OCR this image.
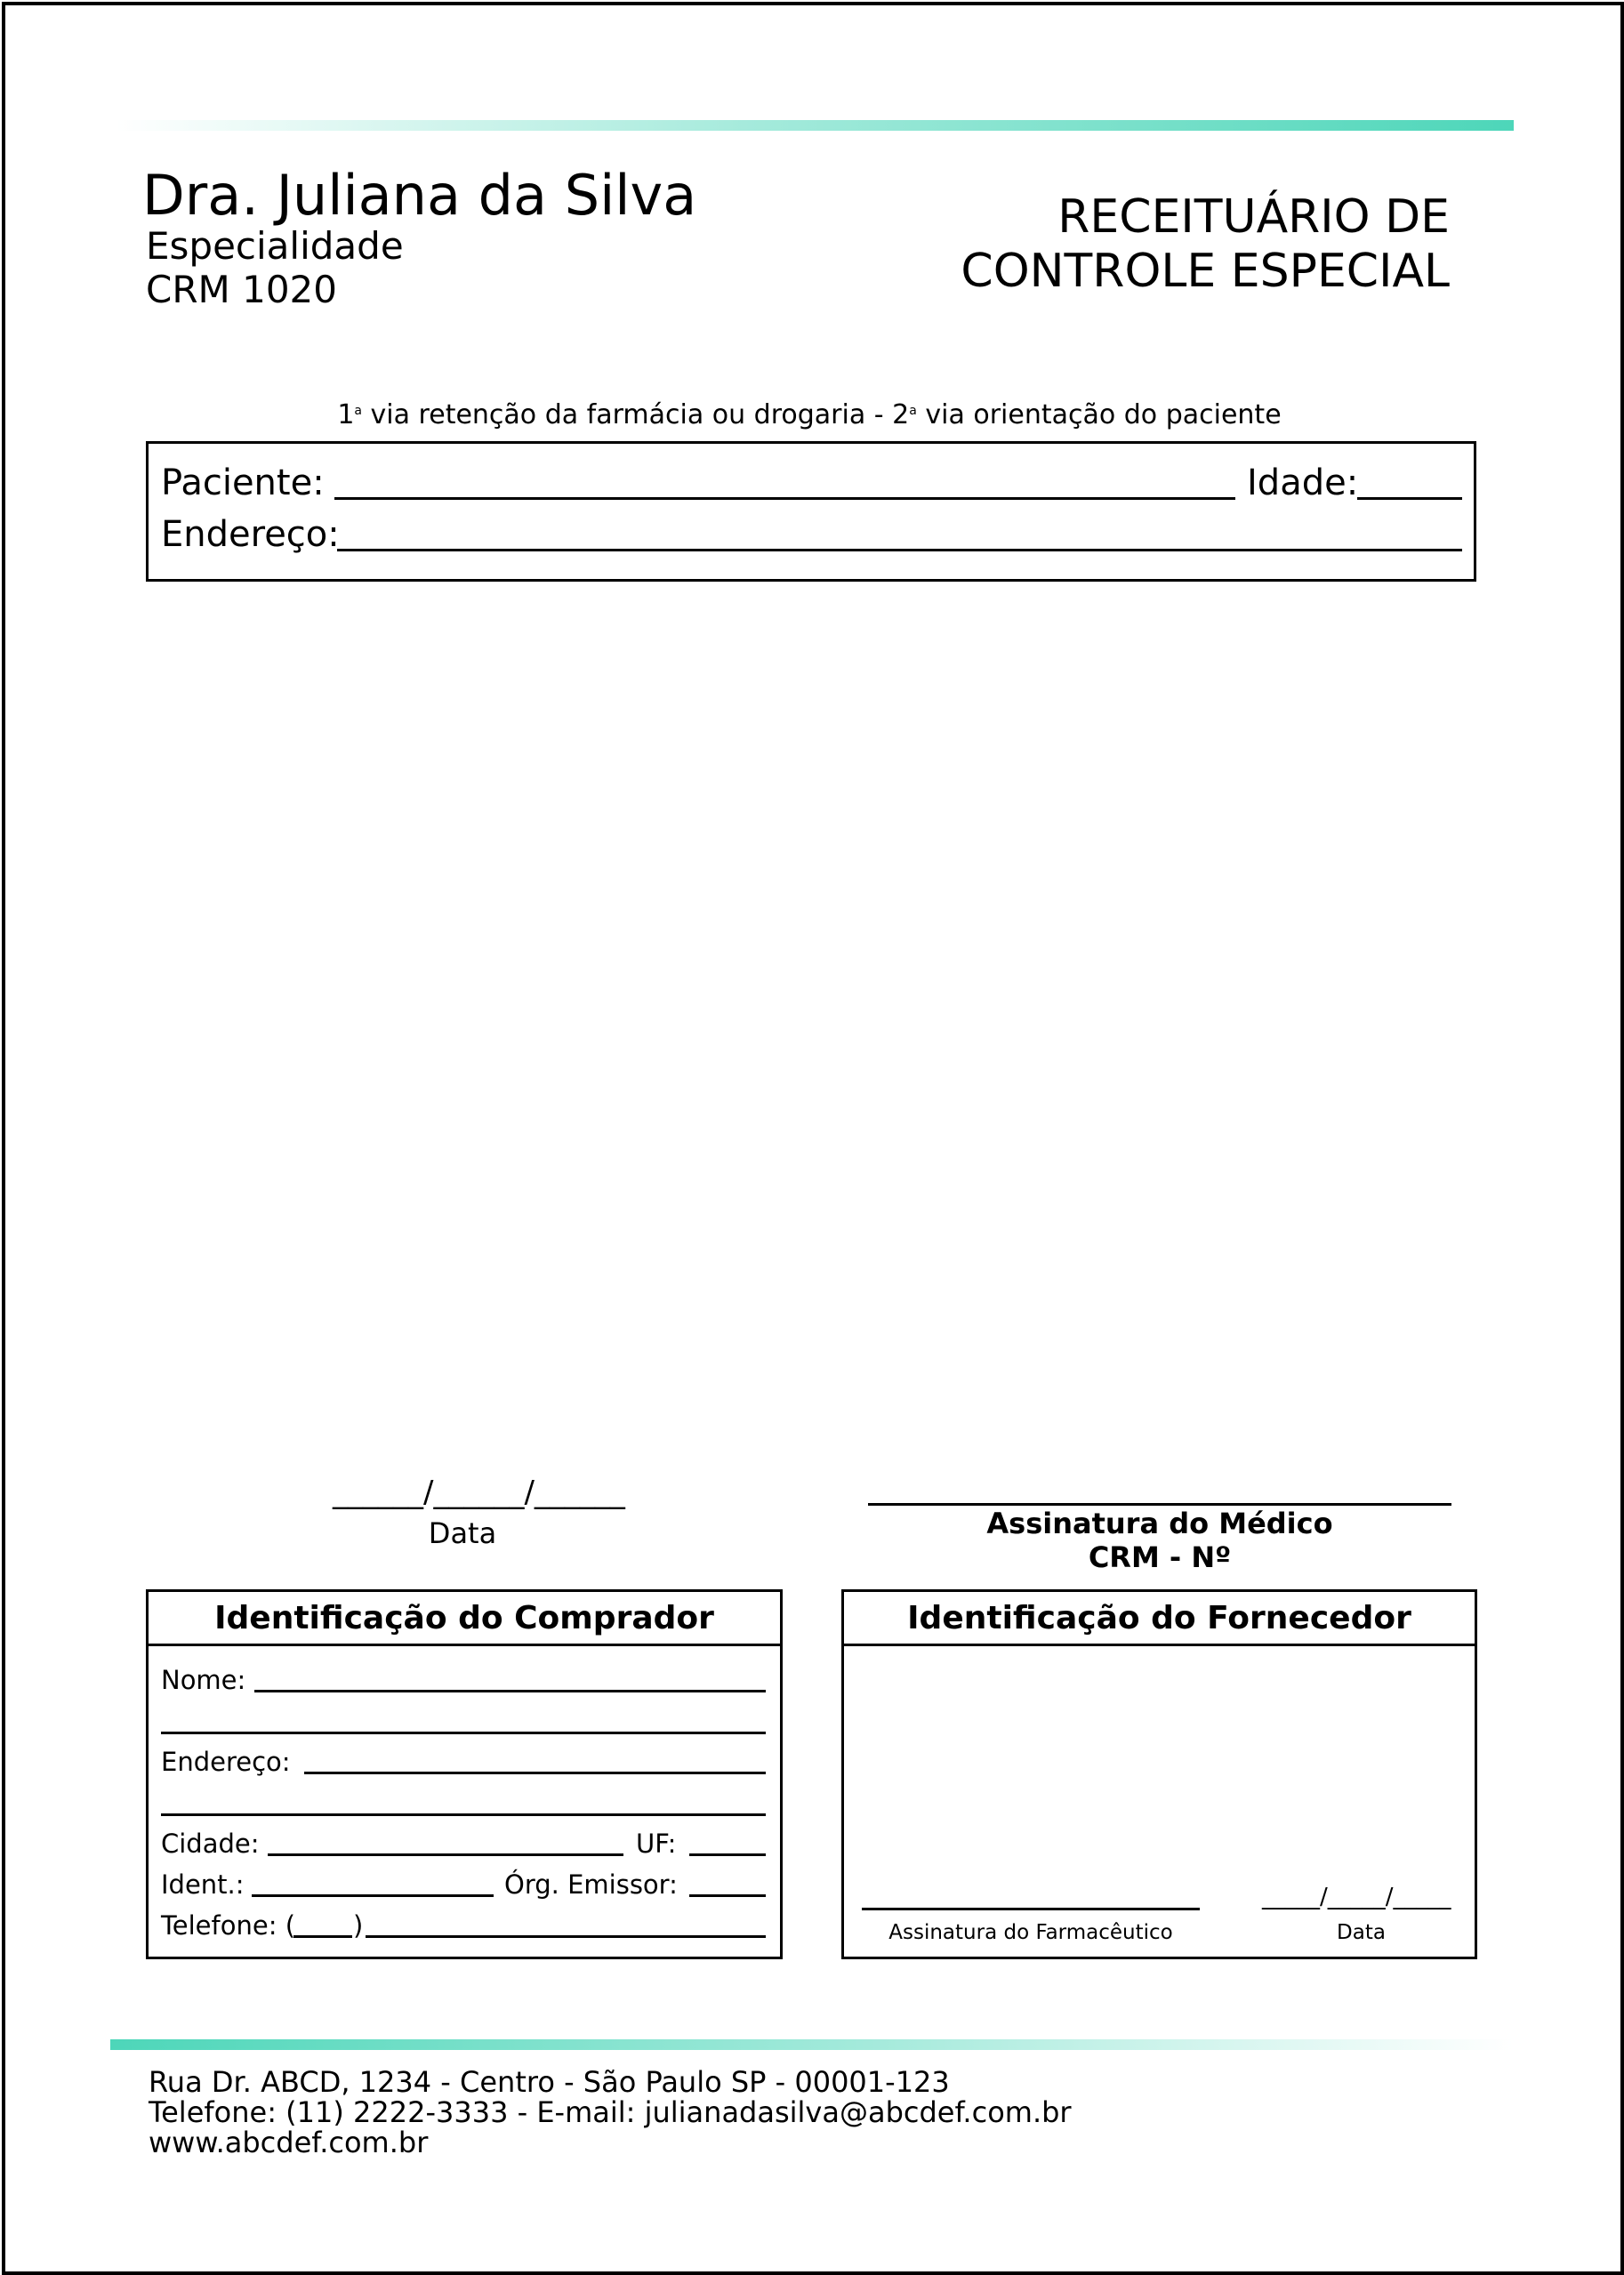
Dra. Juliana da Silva
Especialidade
CRM 1020
RECEITUÁRIO DE
CONTROLE ESPECIAL
1$^a$ via retenção da farmácia ou drogaria - 2$^a$ via orientação do paciente
Paciente:	Idade:
Endereço:
______/______/______
Data	Assinatura do Médico
CRM - Nº
Identificação do Comprador
Nome:
Endereço:
Cidade:	UF:
Ident.:	Órg. Emissor:
Telefone: ( )
Identificação do Fornecedor
Assinatura do Farmacêutico
_____/_____/_____
Data
Rua Dr. ABCD, 1234 - Centro - São Paulo SP - 00001-123
Telefone: (11) 2222-3333 - E-mail: julianadasilva@abcdef.com.br
www.abcdef.com.br
